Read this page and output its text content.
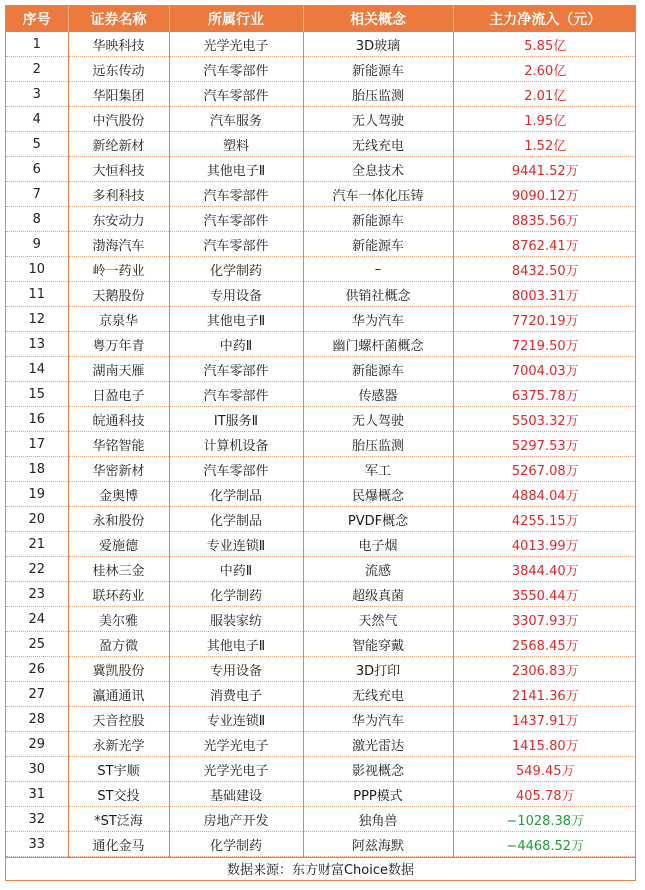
序号	证券名称	所属行业	相关概念	主力净流入（元）
1	华映科技	光学光电子	3D玻璃	5.85亿
2	远东传动	汽车零部件	新能源车	2.60亿
3	华阳集团	汽车零部件	胎压监测	2.01亿
4	中汽股份	汽车服务	无人驾驶	1.95亿
5	新纶新材	塑料	无线充电	1.52亿
6	大恒科技	其他电子Ⅱ	全息技术	9441.52万
7	多利科技	汽车零部件	汽车一体化压铸	9090.12万
8	东安动力	汽车零部件	新能源车	8835.56万
9	渤海汽车	汽车零部件	新能源车	8762.41万
10	岭一药业	化学制药	–	8432.50万
11	天鹅股份	专用设备	供销社概念	8003.31万
12	京泉华	其他电子Ⅱ	华为汽车	7720.19万
13	粤万年青	中药Ⅱ	幽门螺杆菌概念	7219.50万
14	湖南天雁	汽车零部件	新能源车	7004.03万
15	日盈电子	汽车零部件	传感器	6375.78万
16	皖通科技	IT服务Ⅱ	无人驾驶	5503.32万
17	华铭智能	计算机设备	胎压监测	5297.53万
18	华密新材	汽车零部件	军工	5267.08万
19	金奥博	化学制品	民爆概念	4884.04万
20	永和股份	化学制品	PVDF概念	4255.15万
21	爱施德	专业连锁Ⅱ	电子烟	4013.99万
22	桂林三金	中药Ⅱ	流感	3844.40万
23	联环药业	化学制药	超级真菌	3550.44万
24	美尔雅	服装家纺	天然气	3307.93万
25	盈方微	其他电子Ⅱ	智能穿戴	2568.45万
26	冀凯股份	专用设备	3D打印	2306.83万
27	瀛通通讯	消费电子	无线充电	2141.36万
28	天音控股	专业连锁Ⅱ	华为汽车	1437.91万
29	永新光学	光学光电子	激光雷达	1415.80万
30	ST宇顺	光学光电子	影视概念	549.45万
31	ST交投	基础建设	PPP模式	405.78万
32	*ST泛海	房地产开发	独角兽	−1028.38万
33	通化金马	化学制药	阿兹海默	−4468.52万
数据来源：东方财富Choice数据
